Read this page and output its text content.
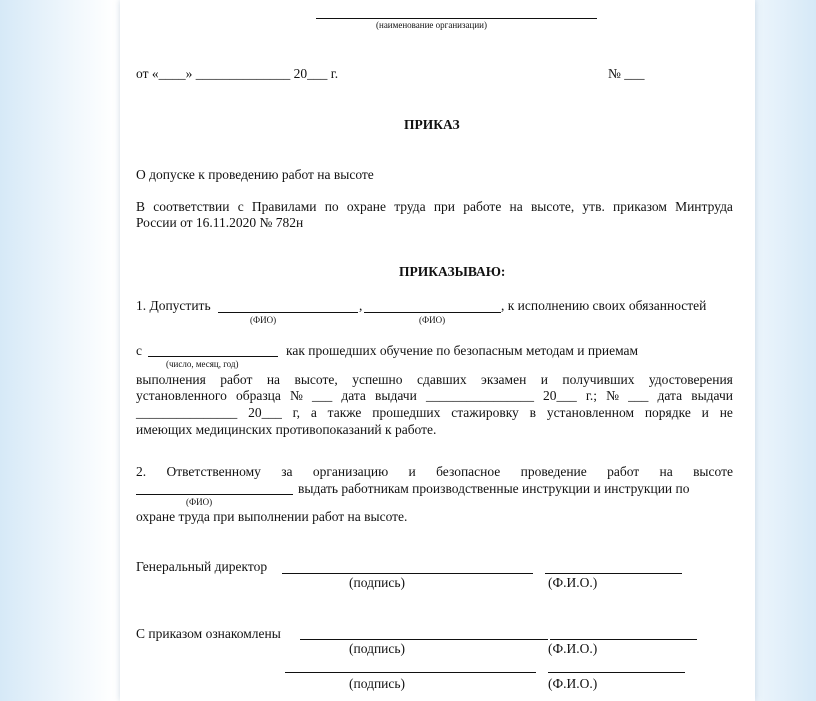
(наименование организации)
от «____» ______________ 20___ г.	№ ___
ПРИКАЗ
О допуске к проведению работ на высоте
В соответствии с Правилами по охране труда при работе на высоте, утв. приказом Минтруда
России от 16.11.2020 № 782н
ПРИКАЗЫВАЮ:
1. Допустить	,	, к исполнению своих обязанностей
(ФИО)	(ФИО)
с	как прошедших обучение по безопасным методам и приемам
(число, месяц, год)
выполнения работ на высоте, успешно сдавших экзамен и получивших удостоверения
установленного образца № ___ дата выдачи ________________ 20___ г.; № ___ дата выдачи
_______________ 20___ г, а также прошедших стажировку в установленном порядке и не
имеющих медицинских противопоказаний к работе.
2. Ответственному за организацию и безопасное проведение работ на высоте
выдать работникам производственные инструкции и инструкции по
(ФИО)
охране труда при выполнении работ на высоте.
Генеральный директор
(подпись)	(Ф.И.О.)
С приказом ознакомлены
(подпись)	(Ф.И.О.)
(подпись)	(Ф.И.О.)
